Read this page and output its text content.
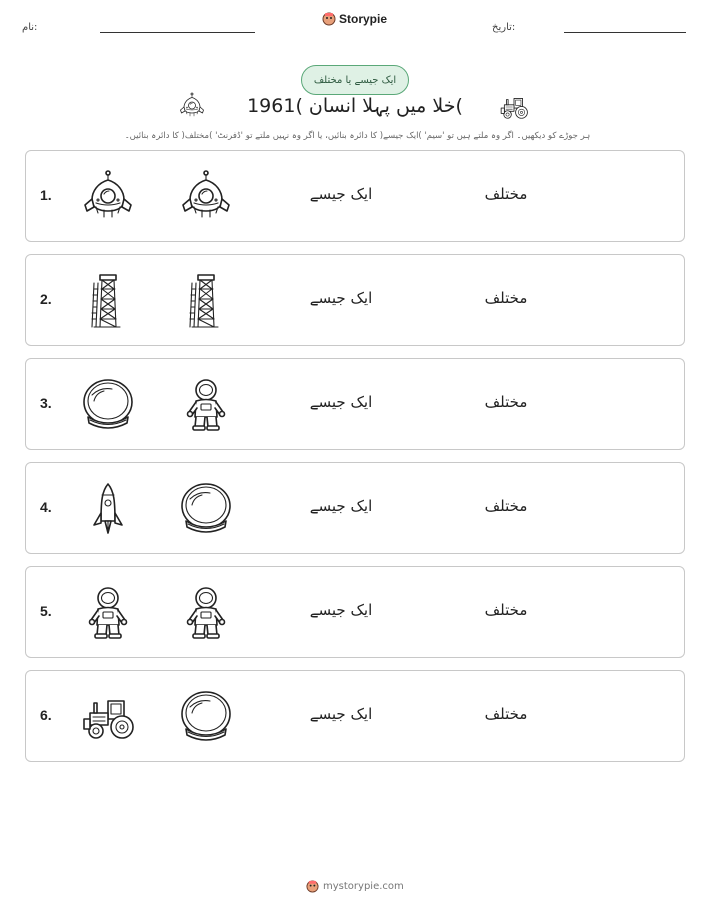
نام:
Storypie
تاریخ:
ایک جیسے یا مختلف
خلا میں پہلا انسان )1961(
ہر جوڑے کو دیکھیں۔ اگر وہ ملتے ہیں تو 'سیم' )ایک جیسے( کا دائرہ بنائیں، یا اگر وہ نہیں ملتے تو 'ڈفرنٹ' )مختلف( کا دائرہ بنائیں۔
1.	ایک جیسے	مختلف
2.	ایک جیسے	مختلف
3.	ایک جیسے	مختلف
4.	ایک جیسے	مختلف
5.	ایک جیسے	مختلف
6.	ایک جیسے	مختلف
mystorypie.com
